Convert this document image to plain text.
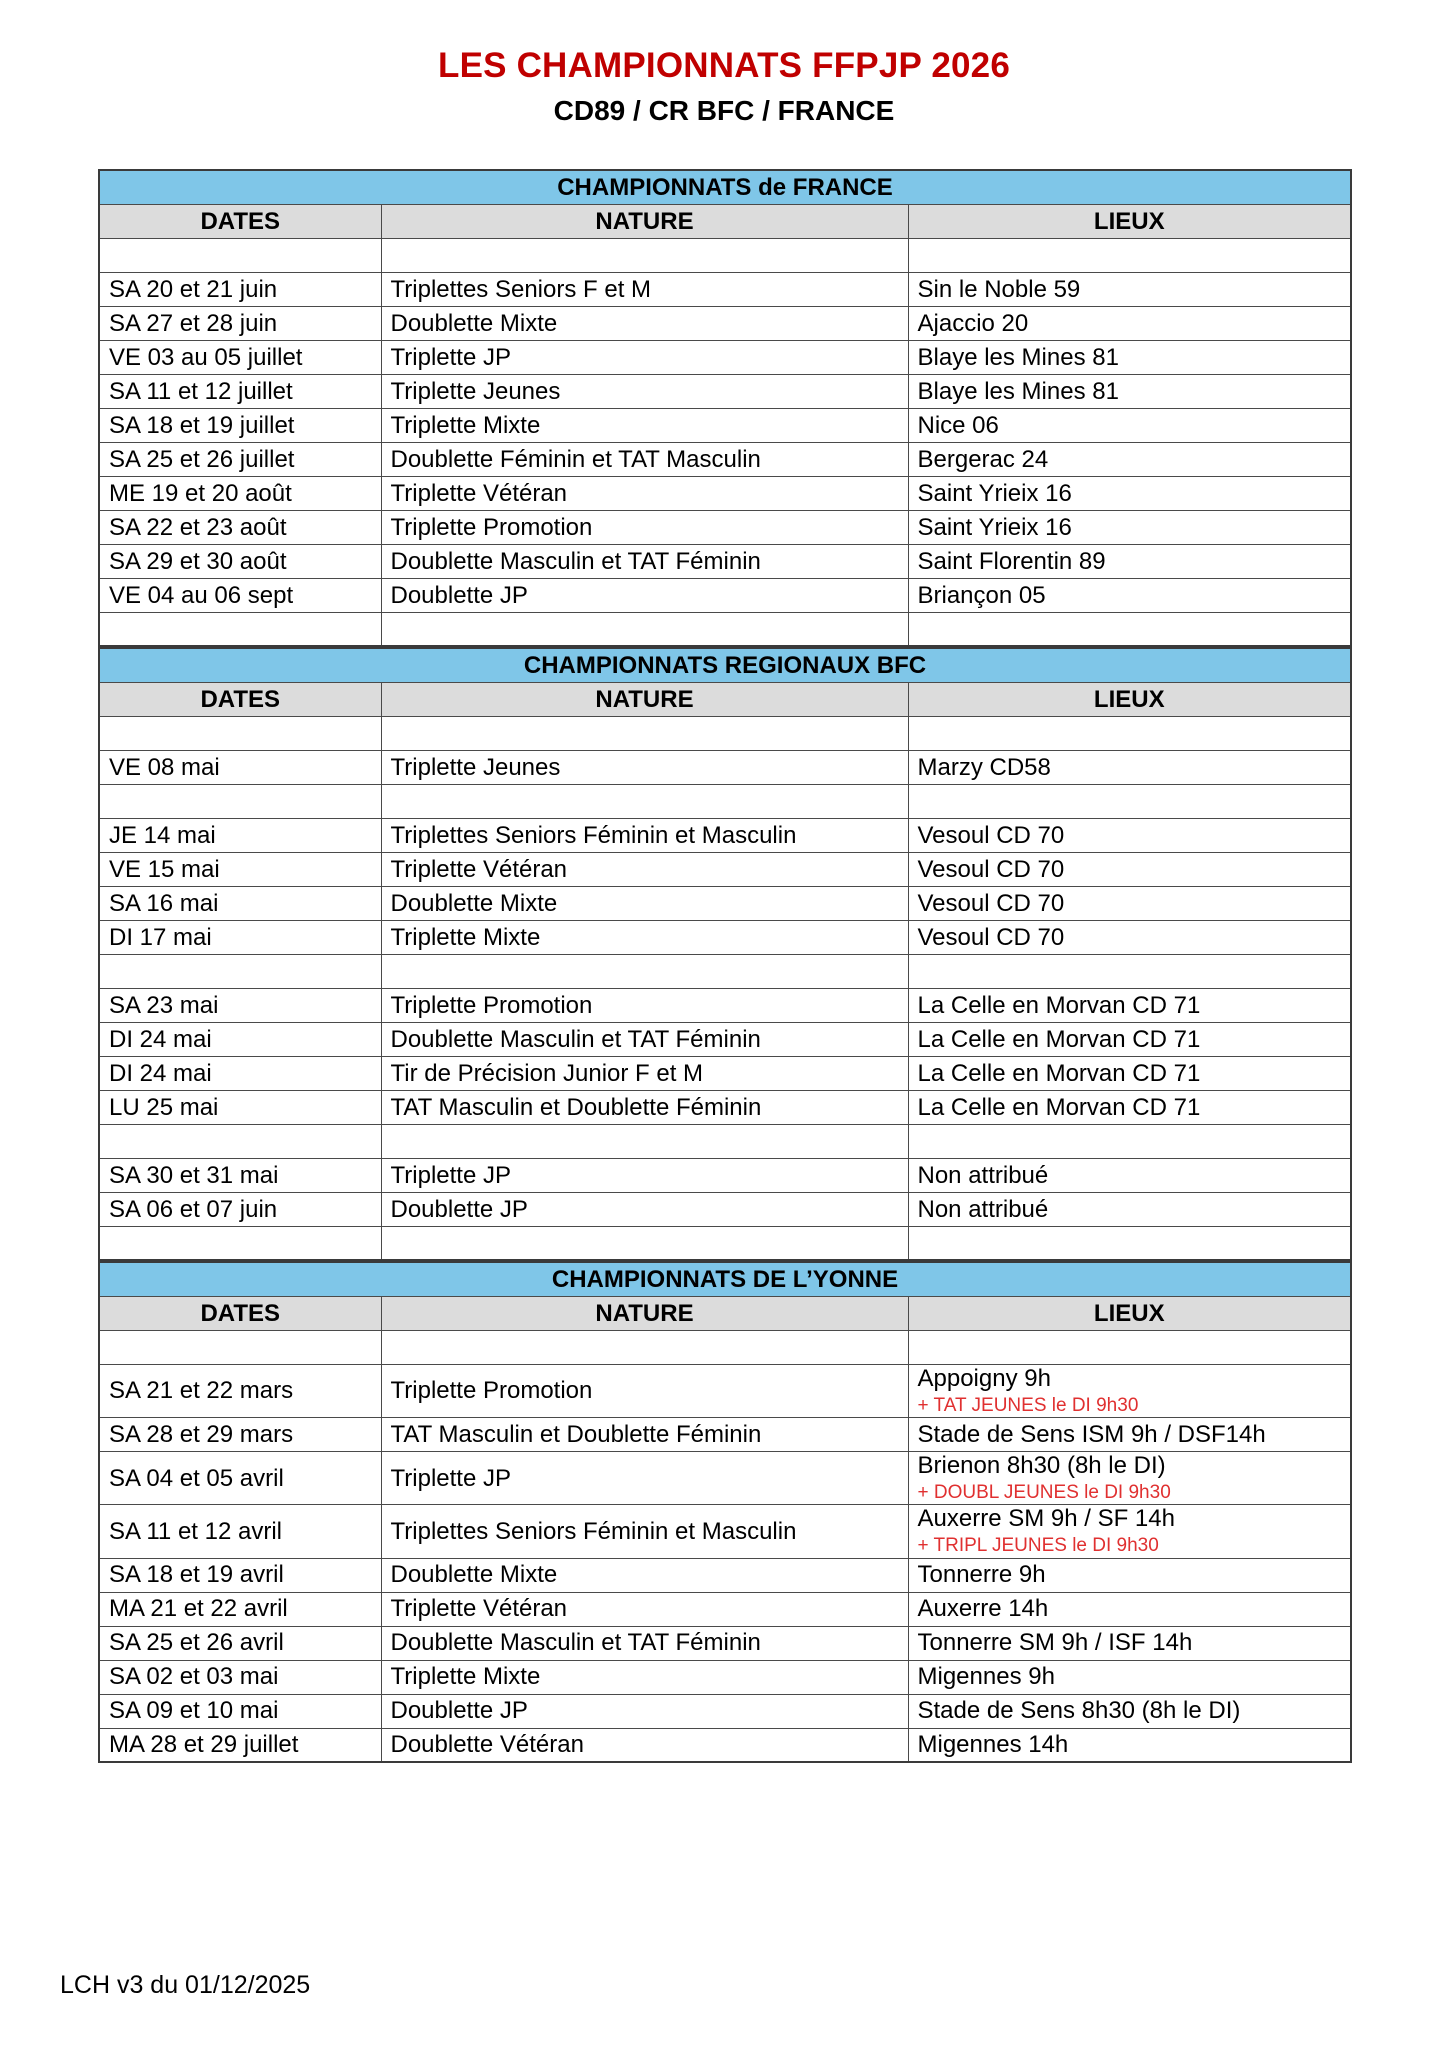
LES CHAMPIONNATS FFPJP 2026
CD89 / CR BFC / FRANCE
CHAMPIONNATS de FRANCE		
DATES	NATURE	LIEUX

SA 20 et 21 juin	Triplettes Seniors F et M	Sin le Noble 59
SA 27 et 28 juin	Doublette Mixte	Ajaccio 20
VE 03 au 05 juillet	Triplette JP	Blaye les Mines 81
SA 11 et 12 juillet	Triplette Jeunes	Blaye les Mines 81
SA 18 et 19 juillet	Triplette Mixte	Nice 06
SA 25 et 26 juillet	Doublette Féminin et TAT Masculin	Bergerac 24
ME 19 et 20 août	Triplette Vétéran	Saint Yrieix 16
SA 22 et 23 août	Triplette Promotion	Saint Yrieix 16
SA 29 et 30 août	Doublette Masculin et TAT Féminin	Saint Florentin 89
VE 04 au 06 sept	Doublette JP	Briançon 05

CHAMPIONNATS REGIONAUX BFC		
DATES	NATURE	LIEUX

VE 08 mai	Triplette Jeunes	Marzy CD58

JE 14 mai	Triplettes Seniors Féminin et Masculin	Vesoul CD 70
VE 15 mai	Triplette Vétéran	Vesoul CD 70
SA 16 mai	Doublette Mixte	Vesoul CD 70
DI 17 mai	Triplette Mixte	Vesoul CD 70

SA 23 mai	Triplette Promotion	La Celle en Morvan CD 71
DI 24 mai	Doublette Masculin et TAT Féminin	La Celle en Morvan CD 71
DI 24 mai	Tir de Précision Junior F et M	La Celle en Morvan CD 71
LU 25 mai	TAT Masculin et Doublette Féminin	La Celle en Morvan CD 71

SA 30 et 31 mai	Triplette JP	Non attribué
SA 06 et 07 juin	Doublette JP	Non attribué

CHAMPIONNATS DE L’YONNE		
DATES	NATURE	LIEUX

SA 21 et 22 mars	Triplette Promotion	Appoigny 9h
+ TAT JEUNES le DI 9h30

SA 28 et 29 mars	TAT Masculin et Doublette Féminin	Stade de Sens ISM 9h / DSF14h
SA 04 et 05 avril	Triplette JP	Brienon 8h30 (8h le DI)
+ DOUBL JEUNES le DI 9h30

SA 11 et 12 avril	Triplettes Seniors Féminin et Masculin	Auxerre SM 9h / SF 14h
+ TRIPL JEUNES le DI 9h30

SA 18 et 19 avril	Doublette Mixte	Tonnerre 9h
MA 21 et 22 avril	Triplette Vétéran	Auxerre 14h
SA 25 et 26 avril	Doublette Masculin et TAT Féminin	Tonnerre SM 9h / ISF 14h
SA 02 et 03 mai	Triplette Mixte	Migennes 9h
SA 09 et 10 mai	Doublette JP	Stade de Sens 8h30 (8h le DI)
MA 28 et 29 juillet	Doublette Vétéran	Migennes 14h
LCH v3 du 01/12/2025
